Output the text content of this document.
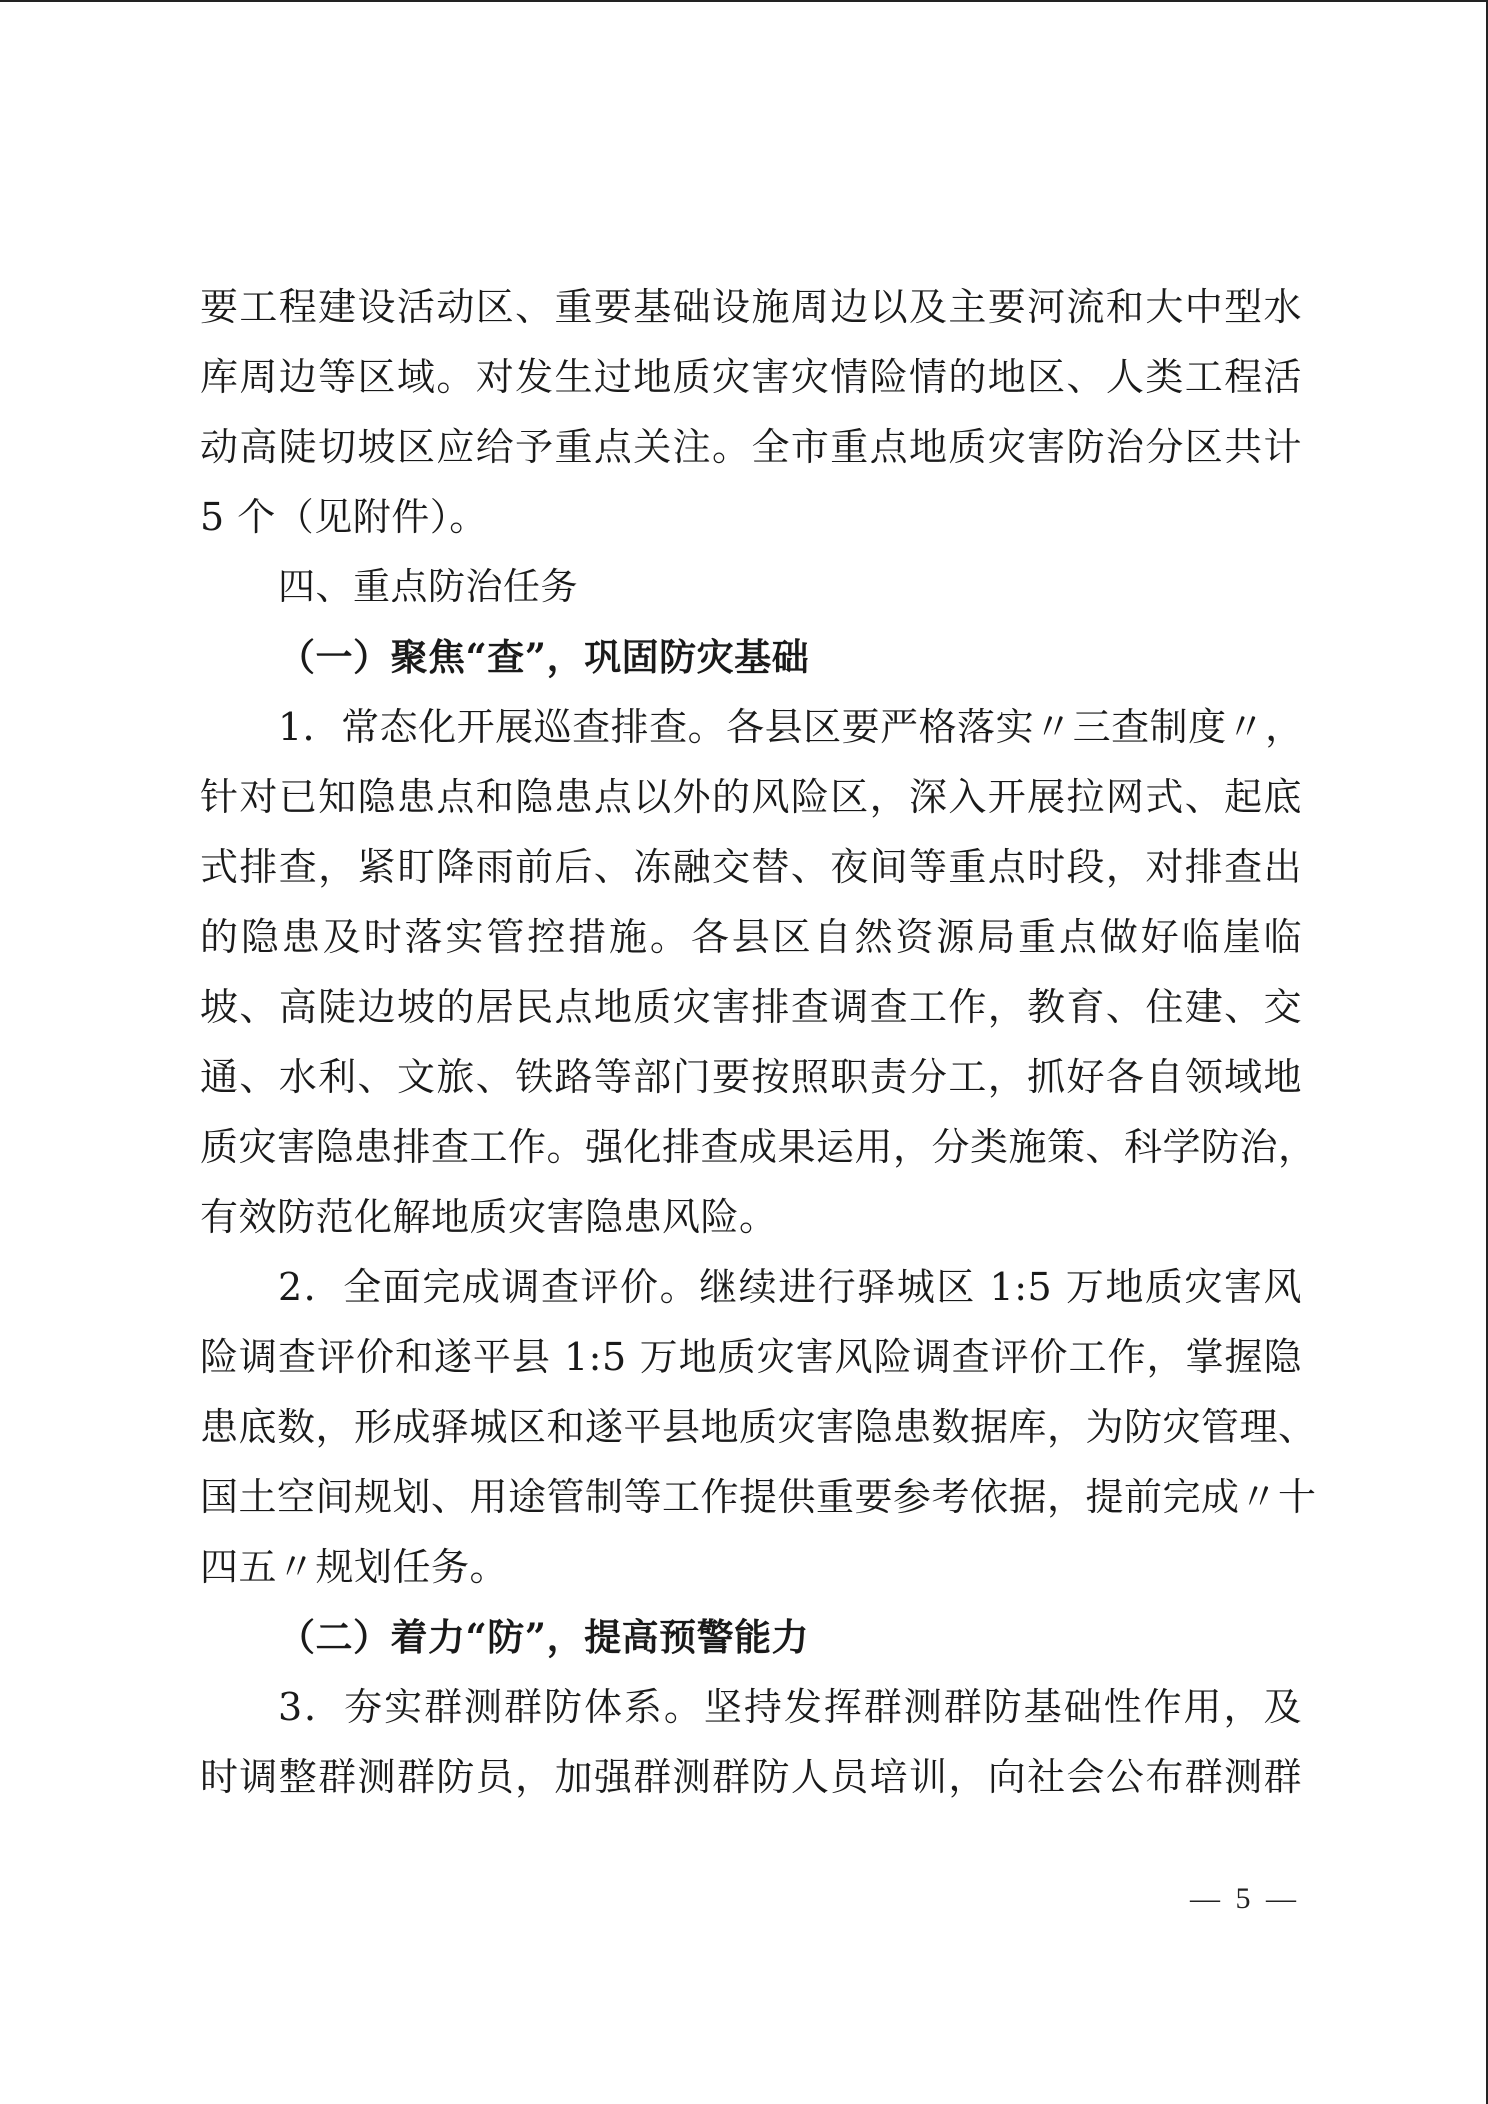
要工程建设活动区、重要基础设施周边以及主要河流和大中型水
库周边等区域。对发生过地质灾害灾情险情的地区、人类工程活
动高陡切坡区应给予重点关注。全市重点地质灾害防治分区共计
5 个（见附件）。
四、重点防治任务
（一）聚焦“查”，巩固防灾基础
1．常态化开展巡查排查。各县区要严格落实〃三查制度〃，
针对已知隐患点和隐患点以外的风险区，深入开展拉网式、起底
式排查，紧盯降雨前后、冻融交替、夜间等重点时段，对排查出
的隐患及时落实管控措施。各县区自然资源局重点做好临崖临
坡、高陡边坡的居民点地质灾害排查调查工作，教育、住建、交
通、水利、文旅、铁路等部门要按照职责分工，抓好各自领域地
质灾害隐患排查工作。强化排查成果运用，分类施策、科学防治，
有效防范化解地质灾害隐患风险。
2．全面完成调查评价。继续进行驿城区 1:5 万地质灾害风
险调查评价和遂平县 1:5 万地质灾害风险调查评价工作，掌握隐
患底数，形成驿城区和遂平县地质灾害隐患数据库，为防灾管理、
国土空间规划、用途管制等工作提供重要参考依据，提前完成〃十
四五〃规划任务。
（二）着力“防”，提高预警能力
3．夯实群测群防体系。坚持发挥群测群防基础性作用，及
时调整群测群防员，加强群测群防人员培训，向社会公布群测群
— 5 —
